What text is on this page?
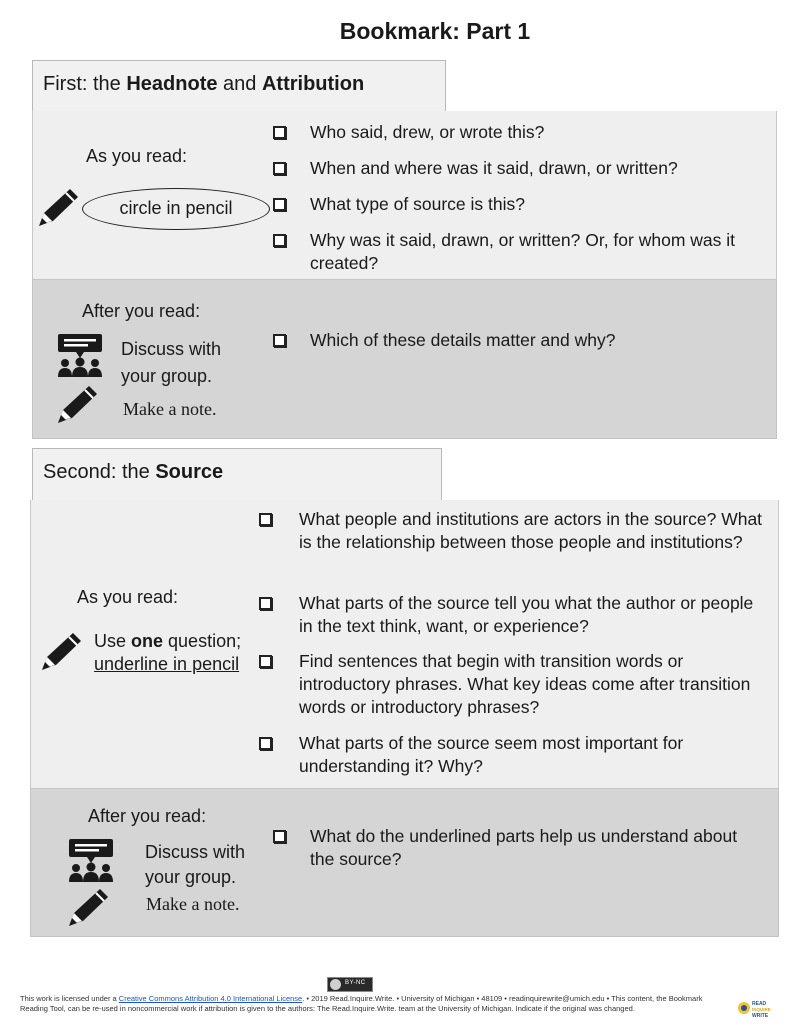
Bookmark: Part 1
First: the Headnote and Attribution
As you read:
circle in pencil
Who said, drew, or wrote this?
When and where was it said, drawn, or written?
What type of source is this?
Why was it said, drawn, or written? Or, for whom was it created?
After you read:
Discuss with your group.
Make a note.
Which of these details matter and why?
Second: the Source
As you read:
Use one question;
underline in pencil
What people and institutions are actors in the source? What is the relationship between those people and institutions?
What parts of the source tell you what the author or people in the text think, want, or experience?
Find sentences that begin with transition words or introductory phrases. What key ideas come after transition words or introductory phrases?
What parts of the source seem most important for understanding it? Why?
After you read:
Discuss with your group.
Make a note.
What do the underlined parts help us understand about the source?
BY-NC
This work is licensed under a Creative Commons Attribution 4.0 International License. • 2019 Read.Inquire.Write. • University of Michigan • 48109 • readinquirewrite@umich.edu • This content, the Bookmark Reading Tool, can be re-used in noncommercial work if attribution is given to the authors: The Read.Inquire.Write. team at the University of Michigan. Indicate if the original was changed.	READ
INQUIRE
WRITE
